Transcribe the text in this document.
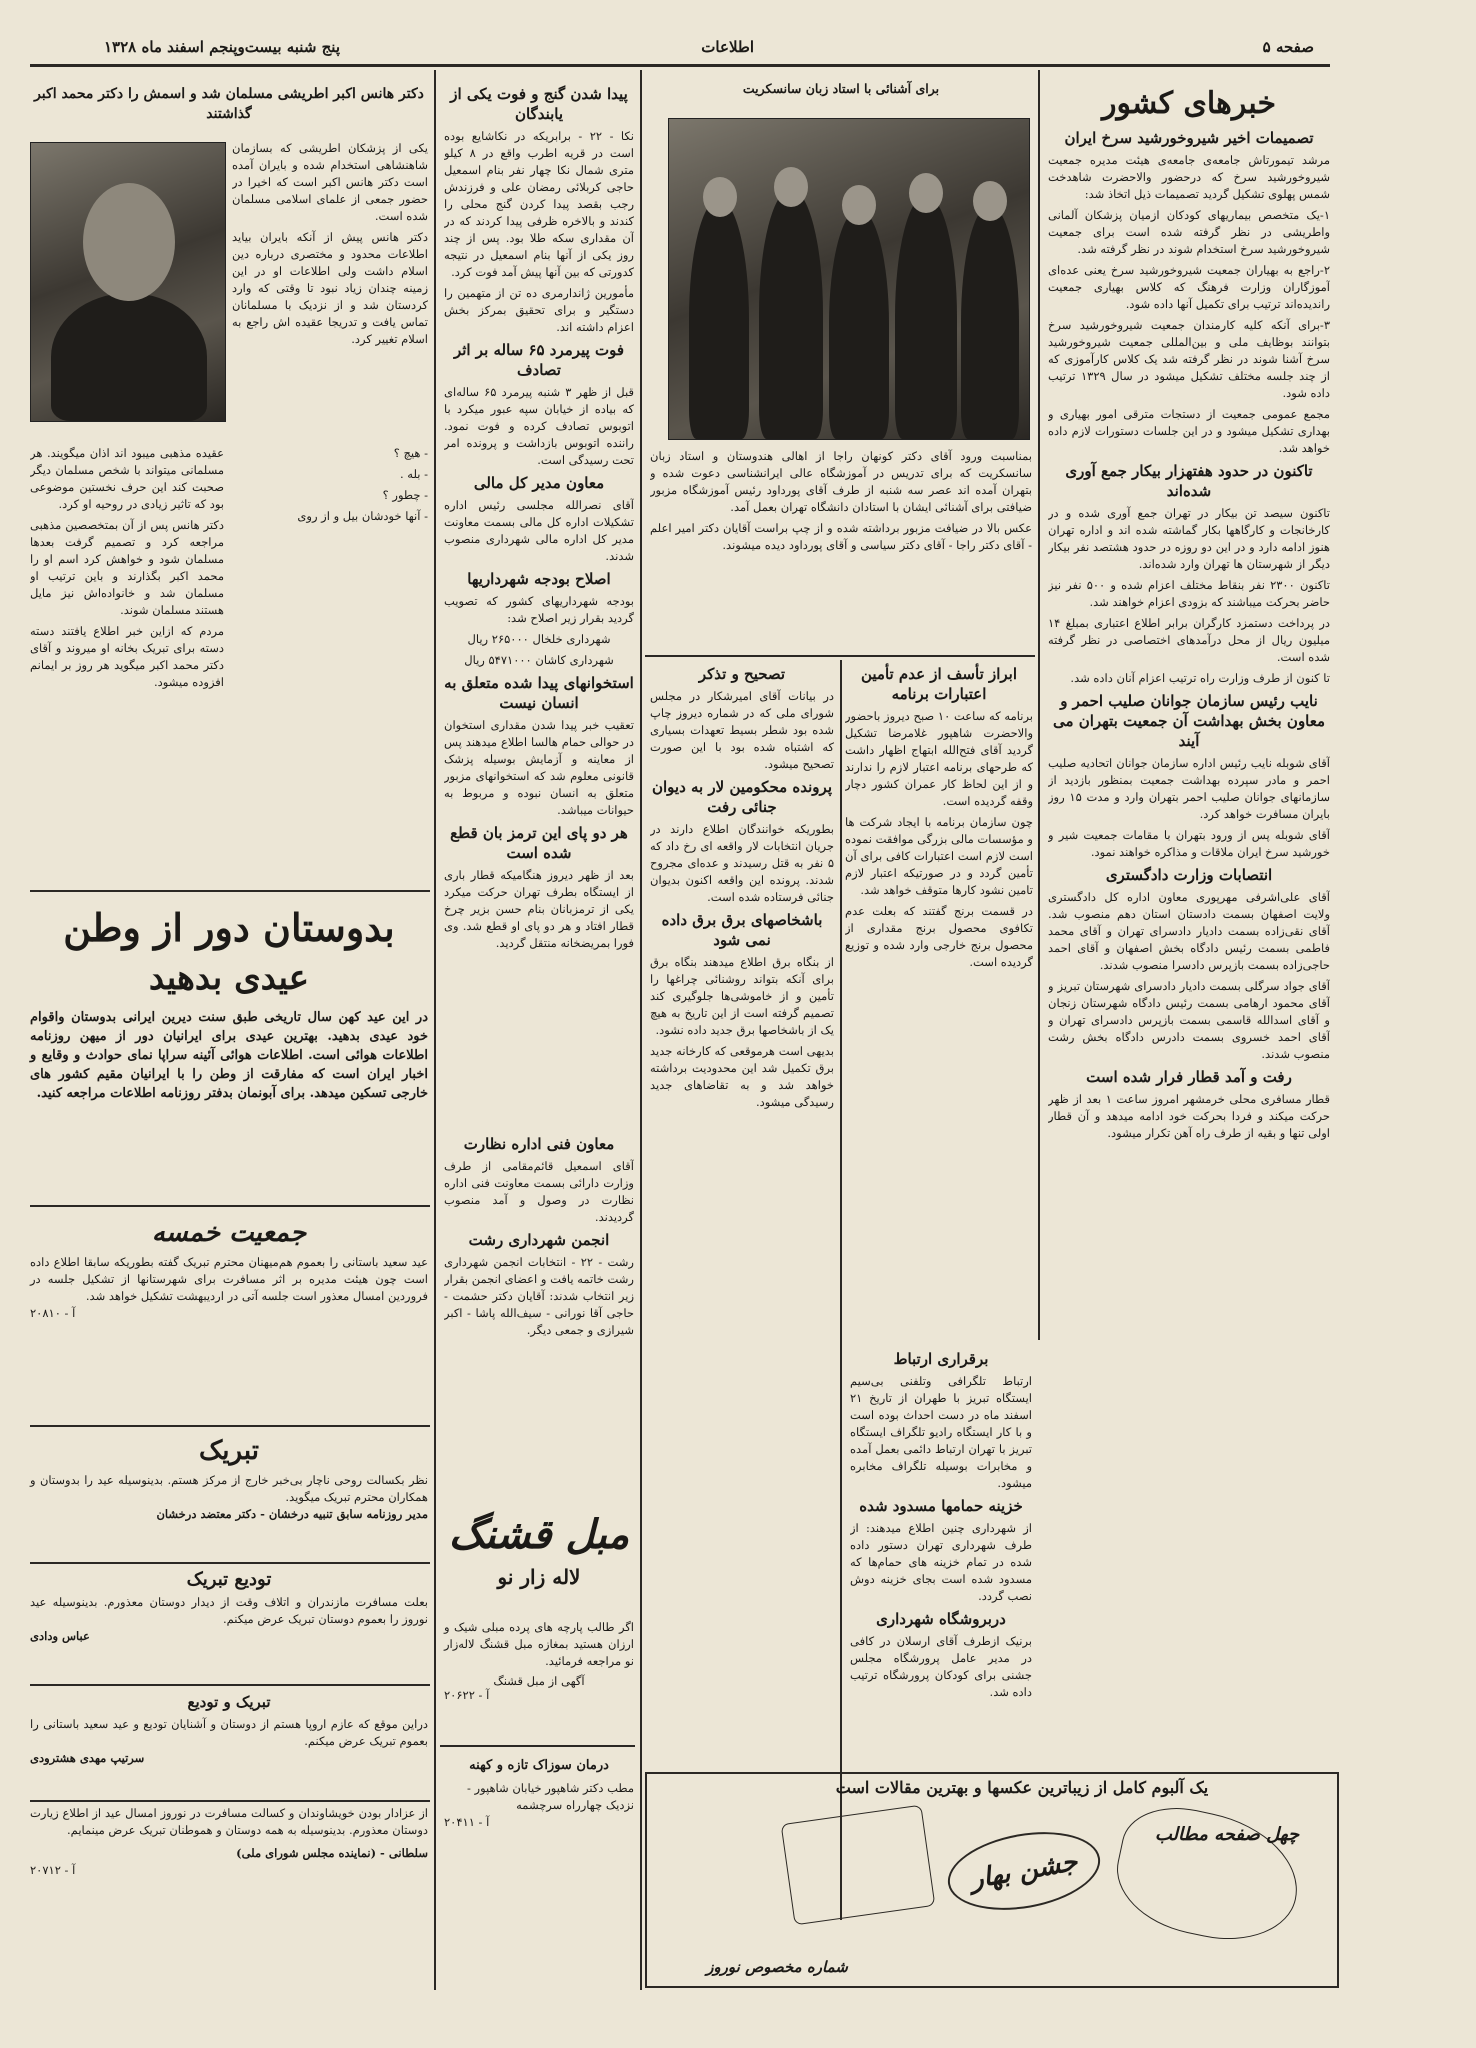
صفحه ۵
اطلاعات
پنج شنبه بیست‌وپنجم اسفند ماه ۱۳۲۸
خبرهای کشور
تصمیمات اخیر شیروخورشید سرخ ایران

مرشد تیمورتاش جامعه‌ی جامعه‌ی هیئت مدیره جمعیت شیروخورشید سرخ که درحضور والاحضرت شاهدخت شمس پهلوی تشکیل گردید تصمیمات ذیل اتخاذ شد:

۱-یک متخصص بیماریهای کودکان ازمیان پزشکان آلمانی واطریشی در نظر گرفته شده است برای جمعیت شیروخورشید سرخ استخدام شوند در نظر گرفته شد.

۲-راجع به بهیاران جمعیت شیروخورشید سرخ یعنی عده‌ای آموزگاران وزارت فرهنگ که کلاس بهیاری جمعیت راندیده‌اند ترتیب برای تکمیل آنها داده شود.

۳-برای آنکه کلیه کارمندان جمعیت شیروخورشید سرخ بتوانند بوظایف ملی و بین‌المللی جمعیت شیروخورشید سرخ آشنا شوند در نظر گرفته شد یک کلاس کارآموزی که از چند جلسه مختلف تشکیل میشود در سال ۱۳۲۹ ترتیب داده شود.

مجمع عمومی جمعیت از دستجات مترقی امور بهیاری و بهداری تشکیل میشود و در این جلسات دستورات لازم داده خواهد شد.

تاکنون در حدود هفتهزار بیکار جمع آوری شده‌اند

تاکنون سیصد تن بیکار در تهران جمع آوری شده و در کارخانجات و کارگاهها بکار گماشته شده اند و اداره تهران هنوز ادامه دارد و در این دو روزه در حدود هشتصد نفر بیکار دیگر از شهرستان ها تهران وارد شده‌اند.

تاکنون ۲۳۰۰ نفر بنقاط مختلف اعزام شده و ۵۰۰ نفر نیز حاضر بحرکت میباشند که بزودی اعزام خواهند شد.

در پرداخت دستمزد کارگران برابر اطلاع اعتباری بمبلغ ۱۴ میلیون ریال از محل درآمدهای اختصاصی در نظر گرفته شده است.

تا کنون از طرف وزارت راه ترتیب اعزام آنان داده شد.

نایب رئیس سازمان جوانان صلیب احمر و معاون بخش بهداشت آن جمعیت بتهران می آیند

آقای شوبله نایب رئیس اداره سازمان جوانان اتحادیه صلیب احمر و مادر سپرده بهداشت جمعیت بمنظور بازدید از سازمانهای جوانان صلیب احمر بتهران وارد و مدت ۱۵ روز بایران مسافرت خواهد کرد.

آقای شوبله پس از ورود بتهران با مقامات جمعیت شیر و خورشید سرخ ایران ملاقات و مذاکره خواهند نمود.

انتصابات وزارت دادگستری

آقای علی‌اشرفی مهرپوری معاون اداره کل دادگستری ولایت اصفهان بسمت دادستان استان دهم منصوب شد. آقای نقی‌زاده بسمت دادیار دادسرای تهران و آقای محمد فاطمی بسمت رئیس دادگاه بخش اصفهان و آقای احمد حاجی‌زاده بسمت بازپرس دادسرا منصوب شدند.

آقای جواد سرگلی بسمت دادیار دادسرای شهرستان تبریز و آقای محمود ارهامی بسمت رئیس دادگاه شهرستان زنجان و آقای اسدالله قاسمی بسمت بازپرس دادسرای تهران و آقای احمد خسروی بسمت دادرس دادگاه بخش رشت منصوب شدند.

رفت و آمد قطار فرار شده است

قطار مسافری محلی خرمشهر امروز ساعت ۱ بعد از ظهر حرکت میکند و فردا بحرکت خود ادامه میدهد و آن قطار اولی تنها و بقیه از طرف راه آهن تکرار میشود.

برقراری ارتباط

ارتباط تلگرافی وتلفنی بی‌سیم ایستگاه تبریز با طهران از تاریخ ۲۱ اسفند ماه در دست احداث بوده است و با کار ایستگاه رادیو تلگراف ایستگاه تبریز با تهران ارتباط دائمی بعمل آمده و مخابرات بوسیله تلگراف مخابره میشود.

خزینه حمامها مسدود شده

از شهرداری چنین اطلاع میدهند: از طرف شهرداری تهران دستور داده شده در تمام خزینه های حمام‌ها که مسدود شده است بجای خزینه دوش نصب گردد.

دربروشگاه شهرداری

برنیک ازطرف آقای ارسلان در کافی در مدیر عامل پرورشگاه مجلس جشنی برای کودکان پرورشگاه ترتیب داده شد.

برای آشنائی با استاد زبان سانسکریت

بمناسبت ورود آقای دکتر کونهان راجا از اهالی هندوستان و استاد زبان سانسکریت که برای تدریس در آموزشگاه عالی ایرانشناسی دعوت شده و بتهران آمده اند عصر سه شنبه از طرف آقای پورداود رئیس آموزشگاه مزبور ضیافتی برای آشنائی ایشان با استادان دانشگاه تهران بعمل آمد.

عکس بالا در ضیافت مزبور برداشته شده و از چپ براست آقایان دکتر امیر اعلم - آقای دکتر راجا - آقای دکتر سیاسی و آقای پورداود دیده میشوند.

ابراز تأسف از عدم تأمین اعتبارات برنامه

برنامه که ساعت ۱۰ صبح دیروز باحضور والاحضرت شاهپور غلامرضا تشکیل گردید آقای فتح‌الله ابتهاج اظهار داشت که طرحهای برنامه اعتبار لازم را ندارند و از این لحاظ کار عمران کشور دچار وقفه گردیده است.

چون سازمان برنامه با ایجاد شرکت ها و مؤسسات مالی بزرگی موافقت نموده است لازم است اعتبارات کافی برای آن تأمین گردد و در صورتیکه اعتبار لازم تامین نشود کارها متوقف خواهد شد.

در قسمت برنج گفتند که بعلت عدم تکافوی محصول برنج مقداری از محصول برنج خارجی وارد شده و توزیع گردیده است.

تصحیح و تذکر

در بیانات آقای امیرشکار در مجلس شورای ملی که در شماره دیروز چاپ شده بود شطر بسیط تعهدات بسیاری که اشتباه شده بود با این صورت تصحیح میشود.

پرونده محکومین لار به دیوان جنائی رفت

بطوریکه خوانندگان اطلاع دارند در جریان انتخابات لار واقعه ای رخ داد که ۵ نفر به قتل رسیدند و عده‌ای مجروح شدند. پرونده این واقعه اکنون بدیوان جنائی فرستاده شده است.

باشخاصهای برق برق داده نمی شود

از بنگاه برق اطلاع میدهند بنگاه برق برای آنکه بتواند روشنائی چراغها را تأمین و از خاموشی‌ها جلوگیری کند تصمیم گرفته است از این تاریخ به هیچ یک از باشخاصها برق جدید داده نشود.

بدیهی است هرموقعی که کارخانه جدید برق تکمیل شد این محدودیت برداشته خواهد شد و به تقاضاهای جدید رسیدگی میشود.

پیدا شدن گنج و فوت یکی از یابندگان

نکا - ۲۲ - برابریکه در نکاشایع بوده است در قریه اطرب واقع در ۸ کیلو متری شمال نکا چهار نفر بنام اسمعیل حاجی کربلائی رمضان علی و فرزندش رجب بقصد پیدا کردن گنج محلی را کندند و بالاخره ظرفی پیدا کردند که در آن مقداری سکه طلا بود. پس از چند روز یکی از آنها بنام اسمعیل در نتیجه کدورتی که بین آنها پیش آمد فوت کرد.

مأمورین ژاندارمری ده تن از متهمین را دستگیر و برای تحقیق بمرکز بخش اعزام داشته اند.

فوت پیرمرد ۶۵ ساله بر اثر تصادف

قبل از ظهر ۳ شنبه پیرمرد ۶۵ ساله‌ای که بیاده از خیابان سپه عبور میکرد با اتوبوس تصادف کرده و فوت نمود. راننده اتوبوس بازداشت و پرونده امر تحت رسیدگی است.

معاون مدیر کل مالی

آقای نصرالله مجلسی رئیس اداره تشکیلات اداره کل مالی بسمت معاونت مدیر کل اداره مالی شهرداری منصوب شدند.

اصلاح بودجه شهرداریها

بودجه شهرداریهای کشور که تصویب گردید بقرار زیر اصلاح شد:

شهرداری خلخال ۲۶۵۰۰۰ ریال

شهرداری کاشان ۵۴۷۱۰۰۰ ریال

استخوانهای پیدا شده متعلق به انسان نیست

تعقیب خبر پیدا شدن مقداری استخوان در حوالی حمام هالسا اطلاع میدهند پس از معاینه و آزمایش بوسیله پزشک قانونی معلوم شد که استخوانهای مزبور متعلق به انسان نبوده و مربوط به حیوانات میباشد.

هر دو پای این ترمز بان قطع شده است

بعد از ظهر دیروز هنگامیکه قطار باری از ایستگاه بطرف تهران حرکت میکرد یکی از ترمزبانان بنام حسن بزیر چرخ قطار افتاد و هر دو پای او قطع شد. وی فورا بمریضخانه منتقل گردید.

معاون فنی اداره نظارت

آقای اسمعیل قائم‌مقامی از طرف وزارت دارائی بسمت معاونت فنی اداره نظارت در وصول و آمد منصوب گردیدند.

انجمن شهرداری رشت

رشت - ۲۲ - انتخابات انجمن شهرداری رشت خاتمه یافت و اعضای انجمن بقرار زیر انتخاب شدند: آقایان دکتر حشمت - حاجی آقا نورانی - سیف‌الله پاشا - اکبر شیرازی و جمعی دیگر.

مبل قشنگ
لاله زار نو
اگر طالب پارچه های پرده مبلی شیک و ارزان هستید بمغازه مبل قشنگ لاله‌زار نو مراجعه فرمائید.
آگهی از مبل قشنگ
آ - ۲۰۶۲۲
درمان سوزاک تازه و کهنه
مطب دکتر شاهپور خیابان شاهپور - نزدیک چهارراه سرچشمه
آ - ۲۰۴۱۱
دکتر هانس اکبر اطریشی مسلمان شد و اسمش را دکتر محمد اکبر گذاشتند

یکی از پزشکان اطریشی که بسازمان شاهنشاهی استخدام شده و بایران آمده است دکتر هانس اکبر است که اخیرا در حضور جمعی از علمای اسلامی مسلمان شده است.

دکتر هانس پیش از آنکه بایران بیاید اطلاعات محدود و مختصری درباره دین اسلام داشت ولی اطلاعات او در این زمینه چندان زیاد نبود تا وقتی که وارد کردستان شد و از نزدیک با مسلمانان تماس یافت و تدریجا عقیده اش راجع به اسلام تغییر کرد.

عقیده مذهبی میبود اند اذان میگویند. هر مسلمانی میتواند با شخص مسلمان دیگر صحبت کند این حرف نخستین موضوعی بود که تاثیر زیادی در روحیه او کرد.

دکتر هانس پس از آن بمتخصصین مذهبی مراجعه کرد و تصمیم گرفت بعدها مسلمان شود و خواهش کرد اسم او را محمد اکبر بگذارند و باین ترتیب او مسلمان شد و خانواده‌اش نیز مایل هستند مسلمان شوند.

مردم که ازاین خبر اطلاع یافتند دسته دسته برای تبریک بخانه او میروند و آقای دکتر محمد اکبر میگوید هر روز بر ایمانم افزوده میشود.

- هیچ ؟

- بله .

- چطور ؟

- آنها خودشان بیل و از روی

بدوستان دور از وطن
عیدی بدهید
در این عید کهن سال تاریخی طبق سنت دیرین ایرانی بدوستان واقوام خود عیدی بدهید. بهترین عیدی برای ایرانیان دور از میهن روزنامه اطلاعات هوائی است. اطلاعات هوائی آئینه سراپا نمای حوادث و وقایع و اخبار ایران است که مفارقت از وطن را با ایرانیان مقیم کشور های خارجی تسکین میدهد. برای آبونمان بدفتر روزنامه اطلاعات مراجعه کنید.
جمعیت خمسه
عید سعید باستانی را بعموم هم‌میهنان محترم تبریک گفته بطوریکه سابقا اطلاع داده است چون هیئت مدیره بر اثر مسافرت برای شهرستانها از تشکیل جلسه در فروردین امسال معذور است جلسه آتی در اردیبهشت تشکیل خواهد شد.
آ - ۲۰۸۱۰
تبریک
نظر بکسالت روحی ناچار بی‌خبر خارج از مرکز هستم. بدینوسیله عید را بدوستان و همکاران محترم تبریک میگوید.
مدیر روزنامه سابق تنبیه درخشان - دکتر معتضد درخشان
تودیع تبریک
بعلت مسافرت مازندران و اتلاف وقت از دیدار دوستان معذورم. بدینوسیله عید نوروز را بعموم دوستان تبریک عرض میکنم.
عباس ودادی
تبریک و تودیع
دراین موقع که عازم اروپا هستم از دوستان و آشنایان تودیع و عید سعید باستانی را بعموم تبریک عرض میکنم.
سرتیپ مهدی هشترودی
از عزادار بودن خویشاوندان و کسالت مسافرت در نوروز امسال عید از اطلاع زیارت دوستان معذورم. بدینوسیله به همه دوستان و هموطنان تبریک عرض مینمایم.
سلطانی - (نماینده مجلس شورای ملی)
آ - ۲۰۷۱۲
یک آلبوم کامل از زیباترین عکسها و بهترین مقالات است
جشن بهار
چهل صفحه مطالب
شماره مخصوص نوروز
